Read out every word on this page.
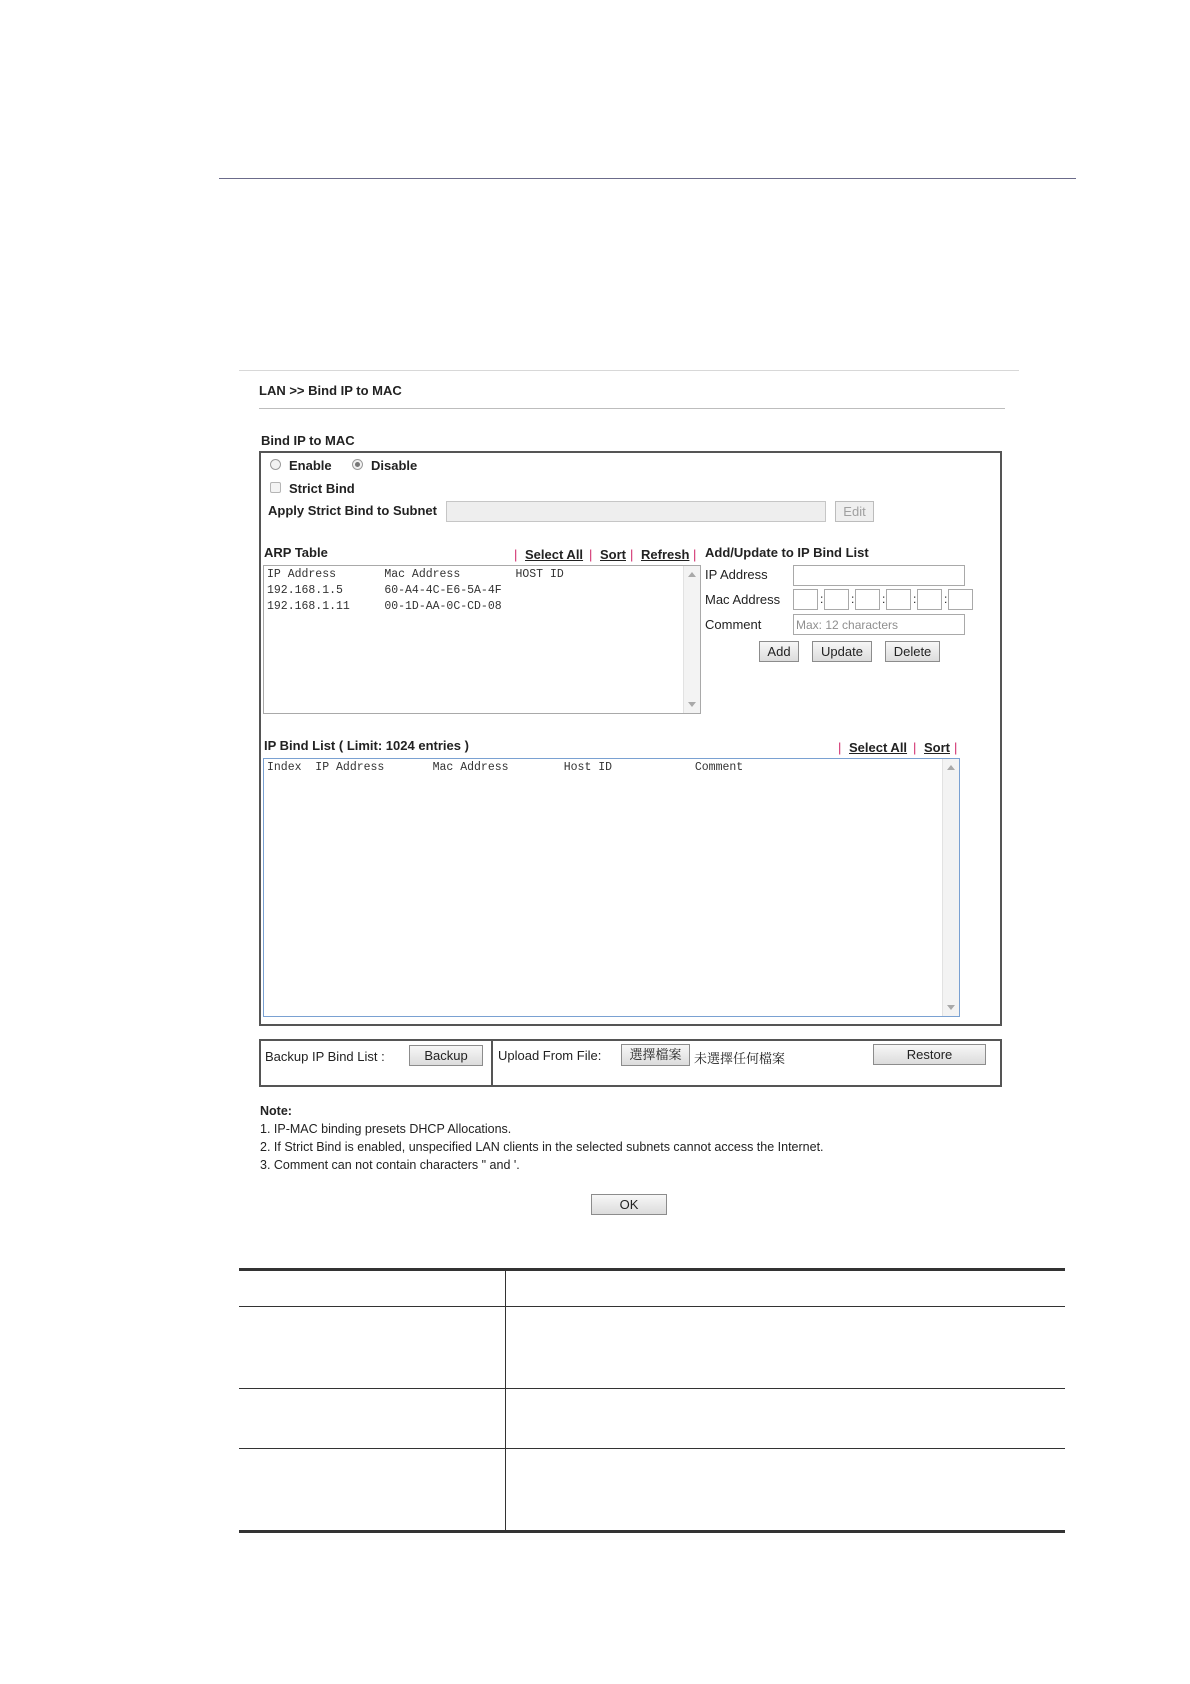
LAN >> Bind IP to MAC
Bind IP to MAC
Enable	Disable
Strict Bind
Apply Strict Bind to Subnet	Edit
ARP Table	| Select All | Sort | Refresh |
IP Address       Mac Address        HOST ID
192.168.1.5      60-A4-4C-E6-5A-4F
192.168.1.11     00-1D-AA-0C-CD-08
Add/Update to IP Bind List
IP Address
Mac Address	: : : : :
Comment	Max: 12 characters
Add	Update	Delete
IP Bind List ( Limit: 1024 entries )	| Select All | Sort |
Index  IP Address       Mac Address        Host ID            Comment
Backup IP Bind List :	Backup	Upload From File:	選擇檔案 未選擇任何檔案	Restore
Note:
1. IP-MAC binding presets DHCP Allocations.
2. If Strict Bind is enabled, unspecified LAN clients in the selected subnets cannot access the Internet.
3. Comment can not contain characters " and '.
OK
